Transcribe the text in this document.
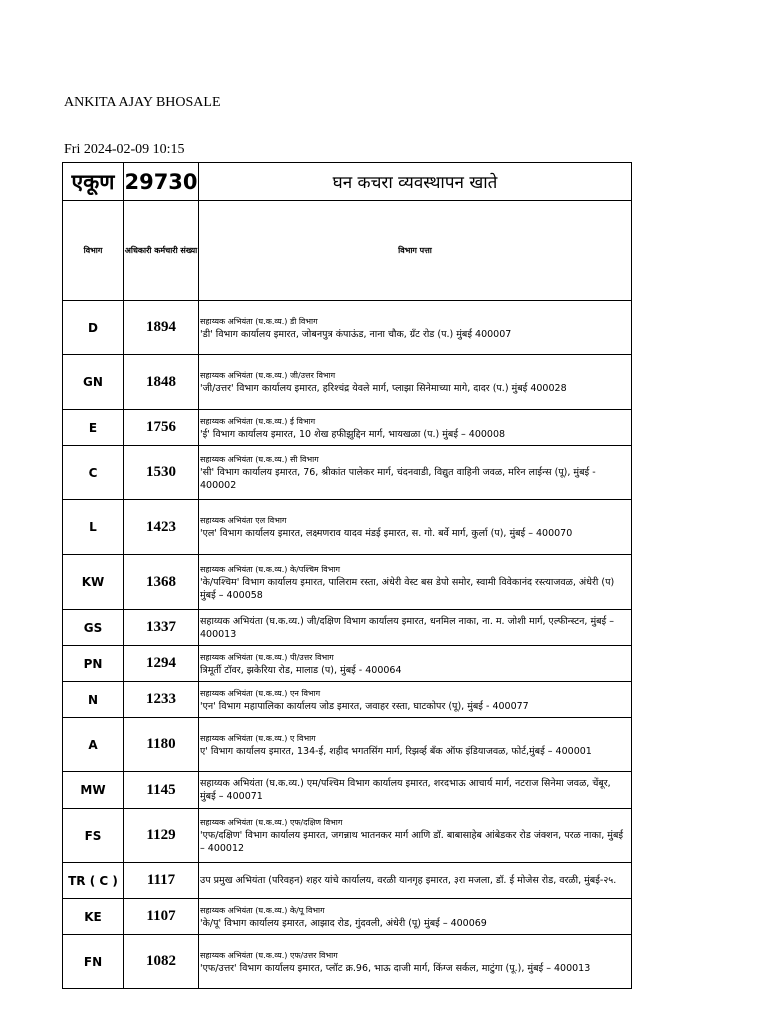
ANKITA AJAY BHOSALE
Fri 2024-02-09 10:15
एकूण	29730	घन कचरा व्यवस्थापन खाते
विभाग	अधिकारी कर्मचारी संख्या	विभाग पत्ता
D	1894	सहाय्यक अभियंता (घ.क.व्य.) डी विभाग
'डी' विभाग कार्यालय इमारत, जोबनपुत्र कंपाऊंड, नाना चौक, ग्रँट रोड (प.) मुंबई 400007

GN	1848	सहाय्यक अभियंता (घ.क.व्य.) जी/उत्तर विभाग
'जी/उत्तर' विभाग कार्यालय इमारत, हरिश्चंद्र येवले मार्ग, प्लाझा सिनेमाच्या मागे, दादर (प.) मुंबई 400028

E	1756	सहाय्यक अभियंता (घ.क.व्य.) ई विभाग
'ई' विभाग कार्यालय इमारत, 10 शेख हफीझुद्दिन मार्ग, भायखळा (प.) मुंबई – 400008

C	1530	सहाय्यक अभियंता (घ.क.व्य.) सी विभाग
'सी' विभाग कार्यालय इमारत, 76, श्रीकांत पालेकर मार्ग, चंदनवाडी, विद्युत वाहिनी जवळ, मरिन लाईन्स (पू), मुंबई - 400002

L	1423	सहाय्यक अभियंता एल विभाग
'एल' विभाग कार्यालय इमारत, लक्ष्मणराव यादव मंडई इमारत, स. गो. बर्वे मार्ग, कुर्ला (प), मुंबई – 400070

KW	1368	सहाय्यक अभियंता (घ.क.व्य.) के/पश्चिम विभाग
'के/पश्चिम' विभाग कार्यालय इमारत, पालिराम रस्ता, अंधेरी वेस्ट बस डेपो समोर, स्वामी विवेकानंद रस्त्याजवळ, अंधेरी (प) मुंबई – 400058

GS	1337	सहाय्यक अभियंता (घ.क.व्य.) जी/दक्षिण विभाग कार्यालय इमारत, धनमिल नाका, ना. म. जोशी मार्ग, एल्फीन्स्टन, मुंबई – 400013

PN	1294	सहाय्यक अभियंता (घ.क.व्य.) पी/उत्तर विभाग
त्रिमूर्ती टॉवर, झकेरिया रोड, मालाड (प), मुंबई - 400064

N	1233	सहाय्यक अभियंता (घ.क.व्य.) एन विभाग
'एन' विभाग महापालिका कार्यालय जोड इमारत, जवाहर रस्ता, घाटकोपर (पू), मुंबई - 400077

A	1180	सहाय्यक अभियंता (घ.क.व्य.) ए विभाग
ए' विभाग कार्यालय इमारत, 134-ई, शहीद भगतसिंग मार्ग, रिझर्व्ह बँक ऑफ इंडियाजवळ, फोर्ट,मुंबई – 400001

MW	1145	सहाय्यक अभियंता (घ.क.व्य.) एम/पश्चिम विभाग कार्यालय इमारत, शरदभाऊ आचार्य मार्ग, नटराज सिनेमा जवळ, चेंबूर, मुंबई – 400071

FS	1129	सहाय्यक अभियंता (घ.क.व्य.) एफ/दक्षिण विभाग
'एफ/दक्षिण' विभाग कार्यालय इमारत, जगन्नाथ भातनकर मार्ग आणि डॉ. बाबासाहेब आंबेडकर रोड जंक्शन, परळ नाका, मुंबई – 400012

TR ( C )	1117	उप प्रमुख अभियंता (परिवहन) शहर यांचे कार्यालय, वरळी यानगृह इमारत, ३रा मजला, डॉ. ई मोजेस रोड, वरळी, मुंबई-२५.

KE	1107	सहाय्यक अभियंता (घ.क.व्य.) के/पू विभाग
'के/पू' विभाग कार्यालय इमारत, आझाद रोड, गुंदवली, अंधेरी (पू) मुंबई – 400069

FN	1082	सहाय्यक अभियंता (घ.क.व्य.) एफ/उत्तर विभाग
'एफ/उत्तर' विभाग कार्यालय इमारत, प्लॉट क्र.96, भाऊ दाजी मार्ग, किंग्ज सर्कल, माटुंगा (पू.), मुंबई – 400013
